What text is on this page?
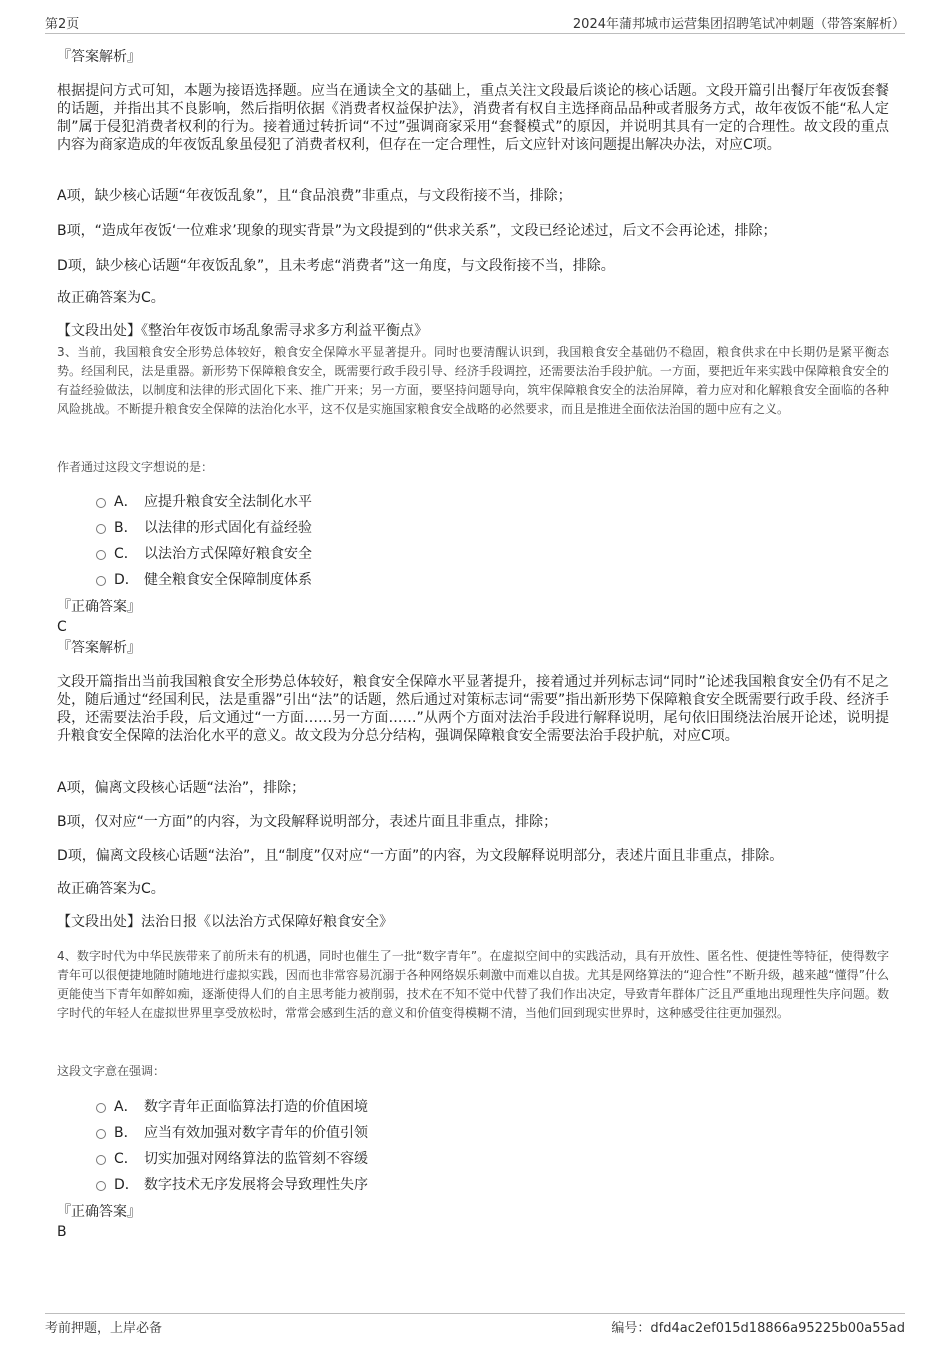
第2页	2024年蒲邦城市运营集团招聘笔试冲刺题（带答案解析）
『答案解析』

根据提问方式可知，本题为接语选择题。应当在通读全文的基础上，重点关注文段最后谈论的核心话题。文段开篇引出餐厅年夜饭套餐的话题，并指出其不良影响，然后指明依据《消费者权益保护法》，消费者有权自主选择商品品种或者服务方式，故年夜饭不能“私人定制”属于侵犯消费者权利的行为。接着通过转折词“不过”强调商家采用“套餐模式”的原因，并说明其具有一定的合理性。故文段的重点内容为商家造成的年夜饭乱象虽侵犯了消费者权利，但存在一定合理性，后文应针对该问题提出解决办法，对应C项。

A项，缺少核心话题“年夜饭乱象”，且“食品浪费”非重点，与文段衔接不当，排除；
B项，“造成年夜饭‘一位难求’现象的现实背景”为文段提到的“供求关系”，文段已经论述过，后文不会再论述，排除；
D项，缺少核心话题“年夜饭乱象”，且未考虑“消费者”这一角度，与文段衔接不当，排除。
故正确答案为C。
【文段出处】《整治年夜饭市场乱象需寻求多方利益平衡点》

3、当前，我国粮食安全形势总体较好，粮食安全保障水平显著提升。同时也要清醒认识到，我国粮食安全基础仍不稳固，粮食供求在中长期仍是紧平衡态势。经国利民，法是重器。新形势下保障粮食安全，既需要行政手段引导、经济手段调控，还需要法治手段护航。一方面，要把近年来实践中保障粮食安全的有益经验做法，以制度和法律的形式固化下来、推广开来；另一方面，要坚持问题导向，筑牢保障粮食安全的法治屏障，着力应对和化解粮食安全面临的各种风险挑战。不断提升粮食安全保障的法治化水平，这不仅是实施国家粮食安全战略的必然要求，而且是推进全面依法治国的题中应有之义。

作者通过这段文字想说的是：
A． 应提升粮食安全法制化水平
B． 以法律的形式固化有益经验
C． 以法治方式保障好粮食安全
D． 健全粮食安全保障制度体系
『正确答案』
C
『答案解析』

文段开篇指出当前我国粮食安全形势总体较好，粮食安全保障水平显著提升，接着通过并列标志词“同时”论述我国粮食安全仍有不足之处，随后通过“经国利民，法是重器”引出“法”的话题，然后通过对策标志词“需要”指出新形势下保障粮食安全既需要行政手段、经济手段，还需要法治手段，后文通过“一方面……另一方面……”从两个方面对法治手段进行解释说明，尾句依旧围绕法治展开论述，说明提升粮食安全保障的法治化水平的意义。故文段为分总分结构，强调保障粮食安全需要法治手段护航，对应C项。

A项，偏离文段核心话题“法治”，排除；
B项，仅对应“一方面”的内容，为文段解释说明部分，表述片面且非重点，排除；
D项，偏离文段核心话题“法治”，且“制度”仅对应“一方面”的内容，为文段解释说明部分，表述片面且非重点，排除。
故正确答案为C。
【文段出处】法治日报《以法治方式保障好粮食安全》

4、数字时代为中华民族带来了前所未有的机遇，同时也催生了一批“数字青年”。在虚拟空间中的实践活动，具有开放性、匿名性、便捷性等特征，使得数字青年可以很便捷地随时随地进行虚拟实践，因而也非常容易沉溺于各种网络娱乐刺激中而难以自拔。尤其是网络算法的“迎合性”不断升级，越来越“懂得”什么更能使当下青年如醉如痴，逐渐使得人们的自主思考能力被削弱，技术在不知不觉中代替了我们作出决定，导致青年群体广泛且严重地出现理性失序问题。数字时代的年轻人在虚拟世界里享受放松时，常常会感到生活的意义和价值变得模糊不清，当他们回到现实世界时，这种感受往往更加强烈。

这段文字意在强调：
A． 数字青年正面临算法打造的价值困境
B． 应当有效加强对数字青年的价值引领
C． 切实加强对网络算法的监管刻不容缓
D． 数字技术无序发展将会导致理性失序
『正确答案』
B
考前押题，上岸必备	编号：dfd4ac2ef015d18866a95225b00a55ad
